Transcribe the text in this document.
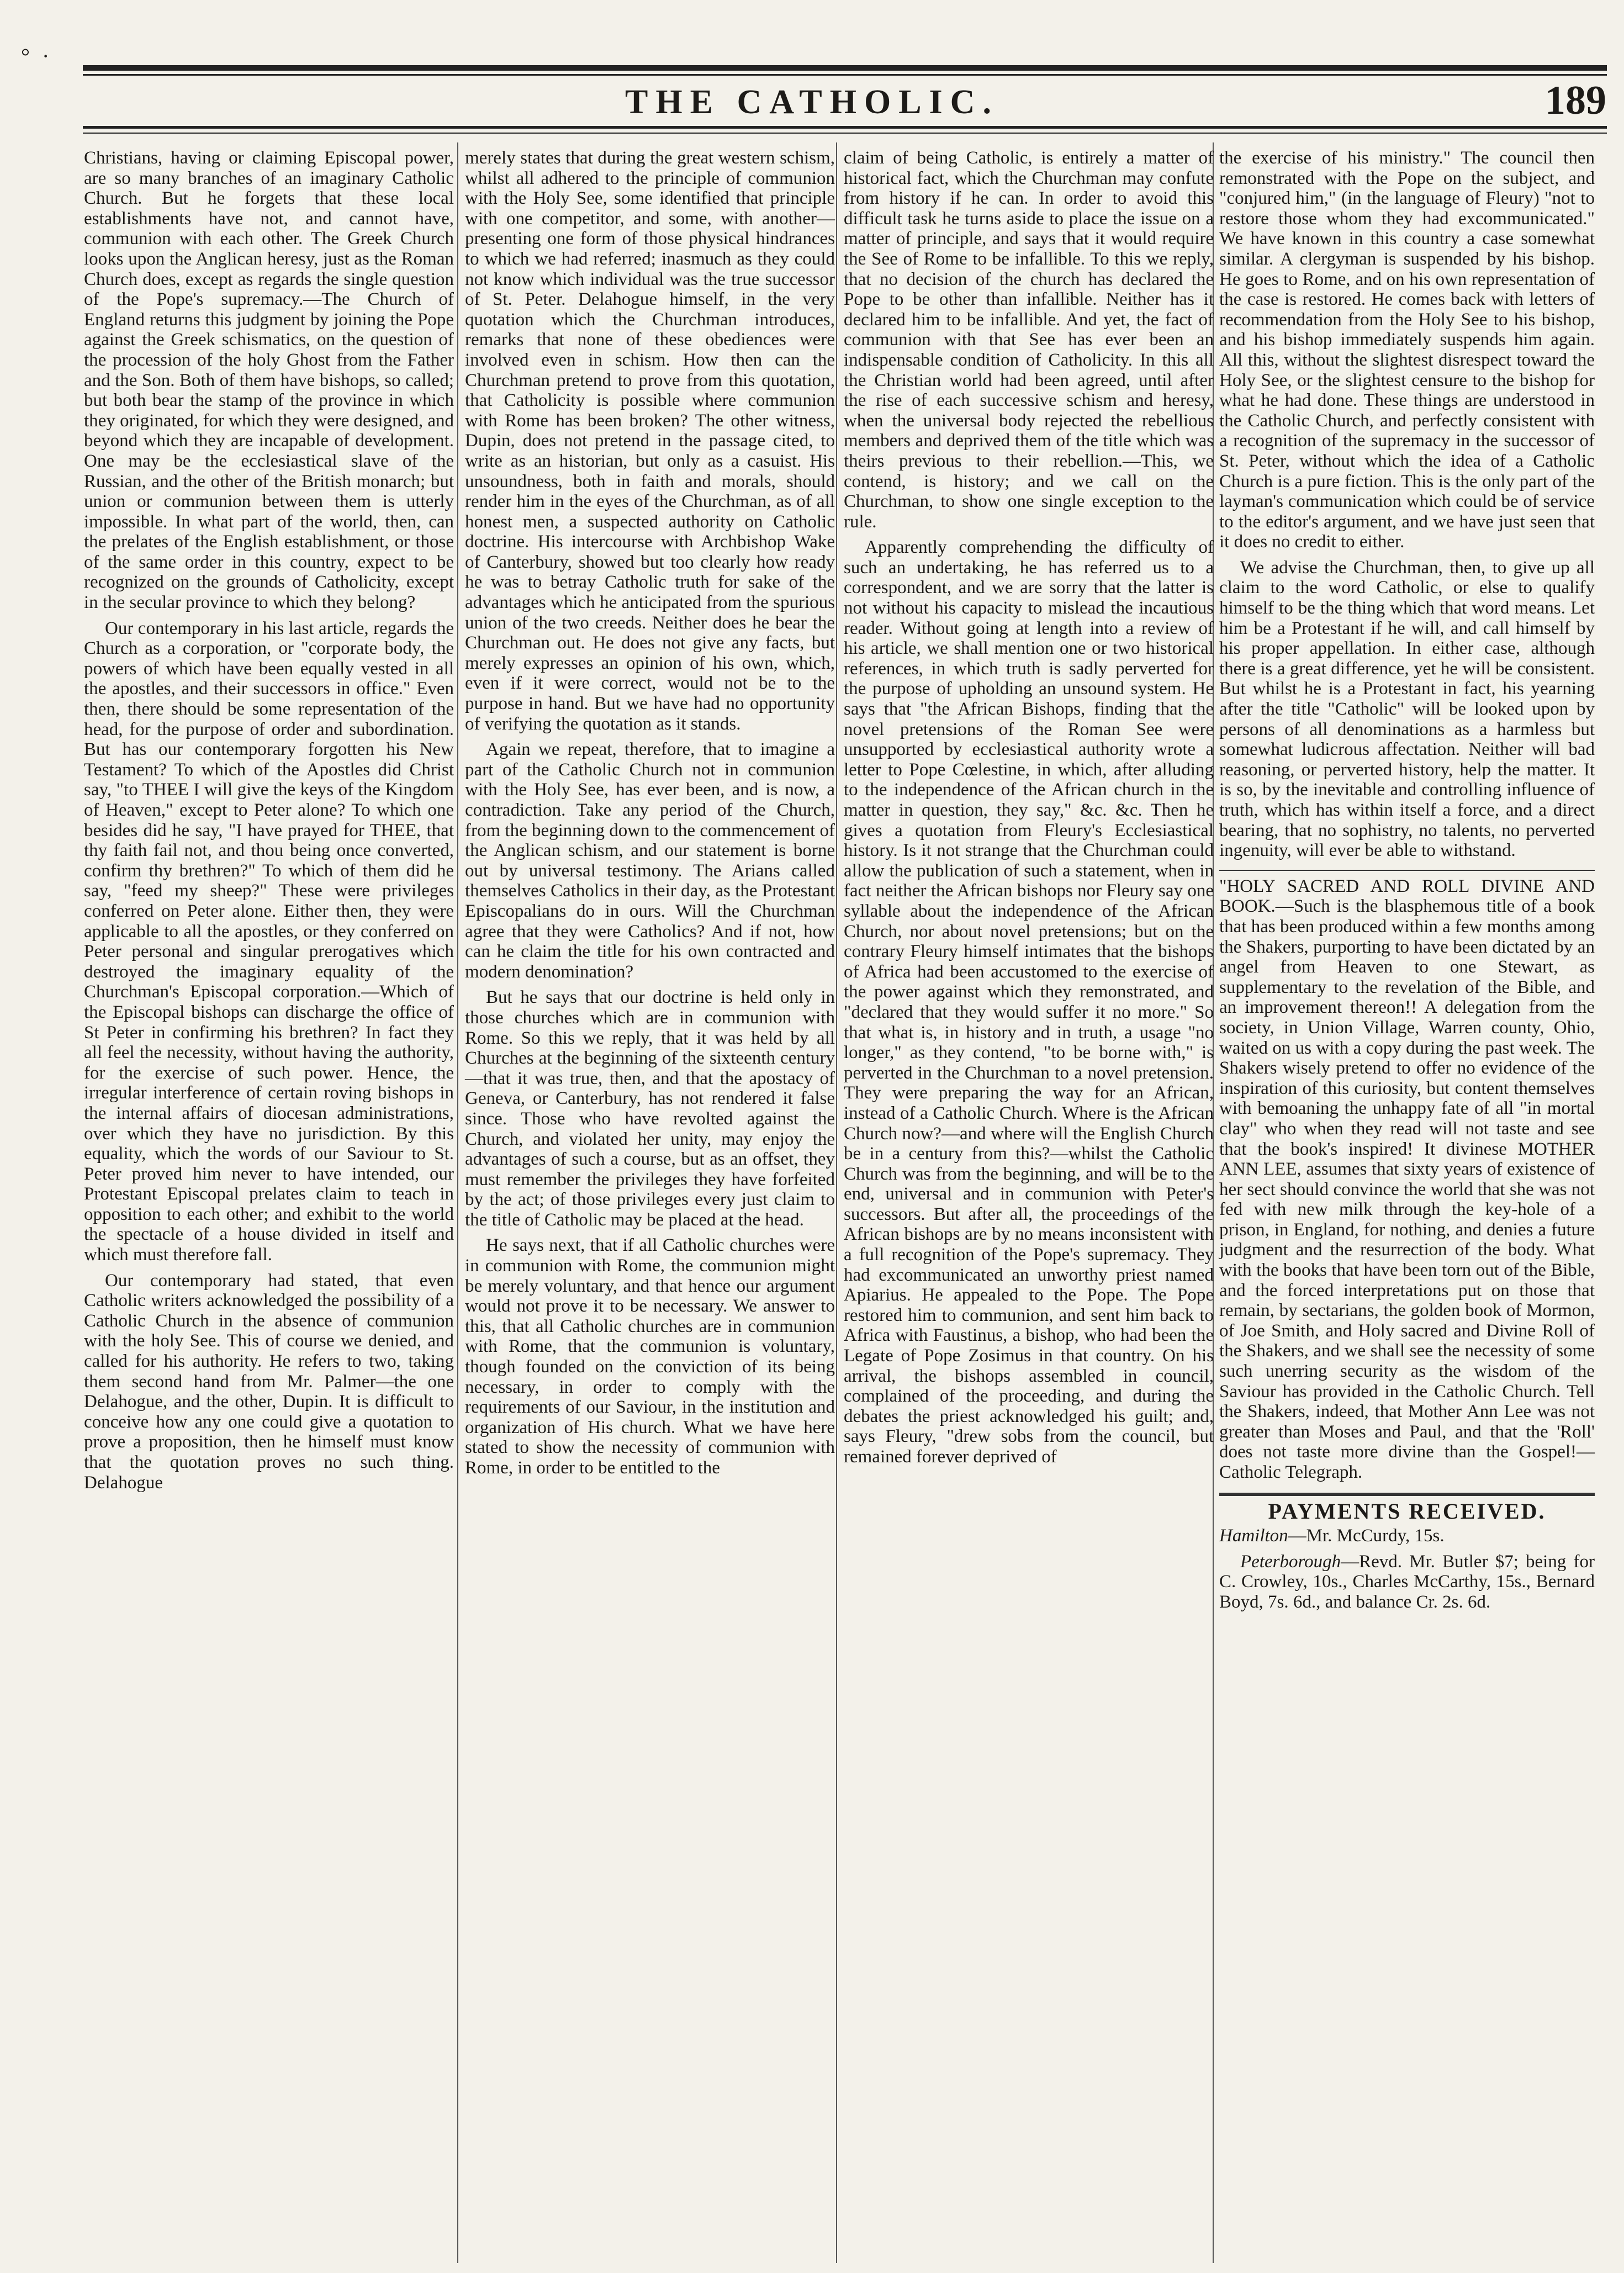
° ·
THE CATHOLIC.	189

Christians, having or claiming Episcopal power, are so many branches of an imaginary Catholic Church. But he forgets that these local establishments have not, and cannot have, communion with each other. The Greek Church looks upon the Anglican heresy, just as the Roman Church does, except as regards the single question of the Pope's supremacy.—The Church of England returns this judgment by joining the Pope against the Greek schismatics, on the question of the procession of the holy Ghost from the Father and the Son. Both of them have bishops, so called; but both bear the stamp of the province in which they originated, for which they were designed, and beyond which they are incapable of development. One may be the ecclesiastical slave of the Russian, and the other of the British monarch; but union or communion between them is utterly impossible. In what part of the world, then, can the prelates of the English establishment, or those of the same order in this country, expect to be recognized on the grounds of Catholicity, except in the secular province to which they belong?

Our contemporary in his last article, regards the Church as a corporation, or "corporate body, the powers of which have been equally vested in all the apostles, and their successors in office." Even then, there should be some representation of the head, for the purpose of order and subordination. But has our contemporary forgotten his New Testament? To which of the Apostles did Christ say, "to THEE I will give the keys of the Kingdom of Heaven," except to Peter alone? To which one besides did he say, "I have prayed for THEE, that thy faith fail not, and thou being once converted, confirm thy brethren?" To which of them did he say, "feed my sheep?" These were privileges conferred on Peter alone. Either then, they were applicable to all the apostles, or they conferred on Peter personal and singular prerogatives which destroyed the imaginary equality of the Churchman's Episcopal corporation.—Which of the Episcopal bishops can discharge the office of St Peter in confirming his brethren? In fact they all feel the necessity, without having the authority, for the exercise of such power. Hence, the irregular interference of certain roving bishops in the internal affairs of diocesan administrations, over which they have no jurisdiction. By this equality, which the words of our Saviour to St. Peter proved him never to have intended, our Protestant Episcopal prelates claim to teach in opposition to each other; and exhibit to the world the spectacle of a house divided in itself and which must therefore fall.

Our contemporary had stated, that even Catholic writers acknowledged the possibility of a Catholic Church in the absence of communion with the holy See. This of course we denied, and called for his authority. He refers to two, taking them second hand from Mr. Palmer—the one Delahogue, and the other, Dupin. It is difficult to conceive how any one could give a quotation to prove a proposition, then he himself must know that the quotation proves no such thing. Delahogue

merely states that during the great western schism, whilst all adhered to the principle of communion with the Holy See, some identified that principle with one competitor, and some, with another—presenting one form of those physical hindrances to which we had referred; inasmuch as they could not know which individual was the true successor of St. Peter. Delahogue himself, in the very quotation which the Churchman introduces, remarks that none of these obediences were involved even in schism. How then can the Churchman pretend to prove from this quotation, that Catholicity is possible where communion with Rome has been broken? The other witness, Dupin, does not pretend in the passage cited, to write as an historian, but only as a casuist. His unsoundness, both in faith and morals, should render him in the eyes of the Churchman, as of all honest men, a suspected authority on Catholic doctrine. His intercourse with Archbishop Wake of Canterbury, showed but too clearly how ready he was to betray Catholic truth for sake of the advantages which he anticipated from the spurious union of the two creeds. Neither does he bear the Churchman out. He does not give any facts, but merely expresses an opinion of his own, which, even if it were correct, would not be to the purpose in hand. But we have had no opportunity of verifying the quotation as it stands.

Again we repeat, therefore, that to imagine a part of the Catholic Church not in communion with the Holy See, has ever been, and is now, a contradiction. Take any period of the Church, from the beginning down to the commencement of the Anglican schism, and our statement is borne out by universal testimony. The Arians called themselves Catholics in their day, as the Protestant Episcopalians do in ours. Will the Churchman agree that they were Catholics? And if not, how can he claim the title for his own contracted and modern denomination?

But he says that our doctrine is held only in those churches which are in communion with Rome. So this we reply, that it was held by all Churches at the beginning of the sixteenth century—that it was true, then, and that the apostacy of Geneva, or Canterbury, has not rendered it false since. Those who have revolted against the Church, and violated her unity, may enjoy the advantages of such a course, but as an offset, they must remember the privileges they have forfeited by the act; of those privileges every just claim to the title of Catholic may be placed at the head.

He says next, that if all Catholic churches were in communion with Rome, the communion might be merely voluntary, and that hence our argument would not prove it to be necessary. We answer to this, that all Catholic churches are in communion with Rome, that the communion is voluntary, though founded on the conviction of its being necessary, in order to comply with the requirements of our Saviour, in the institution and organization of His church. What we have here stated to show the necessity of communion with Rome, in order to be entitled to the

claim of being Catholic, is entirely a matter of historical fact, which the Churchman may confute from history if he can. In order to avoid this difficult task he turns aside to place the issue on a matter of principle, and says that it would require the See of Rome to be infallible. To this we reply, that no decision of the church has declared the Pope to be other than infallible. Neither has it declared him to be infallible. And yet, the fact of communion with that See has ever been an indispensable condition of Catholicity. In this all the Christian world had been agreed, until after the rise of each successive schism and heresy, when the universal body rejected the rebellious members and deprived them of the title which was theirs previous to their rebellion.—This, we contend, is history; and we call on the Churchman, to show one single exception to the rule.

Apparently comprehending the difficulty of such an undertaking, he has referred us to a correspondent, and we are sorry that the latter is not without his capacity to mislead the incautious reader. Without going at length into a review of his article, we shall mention one or two historical references, in which truth is sadly perverted for the purpose of upholding an unsound system. He says that "the African Bishops, finding that the novel pretensions of the Roman See were unsupported by ecclesiastical authority wrote a letter to Pope Cœlestine, in which, after alluding to the independence of the African church in the matter in question, they say," &c. &c. Then he gives a quotation from Fleury's Ecclesiastical history. Is it not strange that the Churchman could allow the publication of such a statement, when in fact neither the African bishops nor Fleury say one syllable about the independence of the African Church, nor about novel pretensions; but on the contrary Fleury himself intimates that the bishops of Africa had been accustomed to the exercise of the power against which they remonstrated, and "declared that they would suffer it no more." So that what is, in history and in truth, a usage "no longer," as they contend, "to be borne with," is perverted in the Churchman to a novel pretension. They were preparing the way for an African, instead of a Catholic Church. Where is the African Church now?—and where will the English Church be in a century from this?—whilst the Catholic Church was from the beginning, and will be to the end, universal and in communion with Peter's successors. But after all, the proceedings of the African bishops are by no means inconsistent with a full recognition of the Pope's supremacy. They had excommunicated an unworthy priest named Apiarius. He appealed to the Pope. The Pope restored him to communion, and sent him back to Africa with Faustinus, a bishop, who had been the Legate of Pope Zosimus in that country. On his arrival, the bishops assembled in council, complained of the proceeding, and during the debates the priest acknowledged his guilt; and, says Fleury, "drew sobs from the council, but remained forever deprived of

the exercise of his ministry." The council then remonstrated with the Pope on the subject, and "conjured him," (in the language of Fleury) "not to restore those whom they had excommunicated." We have known in this country a case somewhat similar. A clergyman is suspended by his bishop. He goes to Rome, and on his own representation of the case is restored. He comes back with letters of recommendation from the Holy See to his bishop, and his bishop immediately suspends him again. All this, without the slightest disrespect toward the Holy See, or the slightest censure to the bishop for what he had done. These things are understood in the Catholic Church, and perfectly consistent with a recognition of the supremacy in the successor of St. Peter, without which the idea of a Catholic Church is a pure fiction. This is the only part of the layman's communication which could be of service to the editor's argument, and we have just seen that it does no credit to either.

We advise the Churchman, then, to give up all claim to the word Catholic, or else to qualify himself to be the thing which that word means. Let him be a Protestant if he will, and call himself by his proper appellation. In either case, although there is a great difference, yet he will be consistent. But whilst he is a Protestant in fact, his yearning after the title "Catholic" will be looked upon by persons of all denominations as a harmless but somewhat ludicrous affectation. Neither will bad reasoning, or perverted history, help the matter. It is so, by the inevitable and controlling influence of truth, which has within itself a force, and a direct bearing, that no sophistry, no talents, no perverted ingenuity, will ever be able to withstand.

"HOLY SACRED AND ROLL DIVINE AND BOOK.—Such is the blasphemous title of a book that has been produced within a few months among the Shakers, purporting to have been dictated by an angel from Heaven to one Stewart, as supplementary to the revelation of the Bible, and an improvement thereon!! A delegation from the society, in Union Village, Warren county, Ohio, waited on us with a copy during the past week. The Shakers wisely pretend to offer no evidence of the inspiration of this curiosity, but content themselves with bemoaning the unhappy fate of all "in mortal clay" who when they read will not taste and see that the book's inspired! It divinese MOTHER ANN LEE, assumes that sixty years of existence of her sect should convince the world that she was not fed with new milk through the key-hole of a prison, in England, for nothing, and denies a future judgment and the resurrection of the body. What with the books that have been torn out of the Bible, and the forced interpretations put on those that remain, by sectarians, the golden book of Mormon, of Joe Smith, and Holy sacred and Divine Roll of the Shakers, and we shall see the necessity of some such unerring security as the wisdom of the Saviour has provided in the Catholic Church. Tell the Shakers, indeed, that Mother Ann Lee was not greater than Moses and Paul, and that the 'Roll' does not taste more divine than the Gospel!—Catholic Telegraph.

PAYMENTS RECEIVED.

Hamilton—Mr. McCurdy, 15s.

Peterborough—Revd. Mr. Butler $7; being for C. Crowley, 10s., Charles McCarthy, 15s., Bernard Boyd, 7s. 6d., and balance Cr. 2s. 6d.
